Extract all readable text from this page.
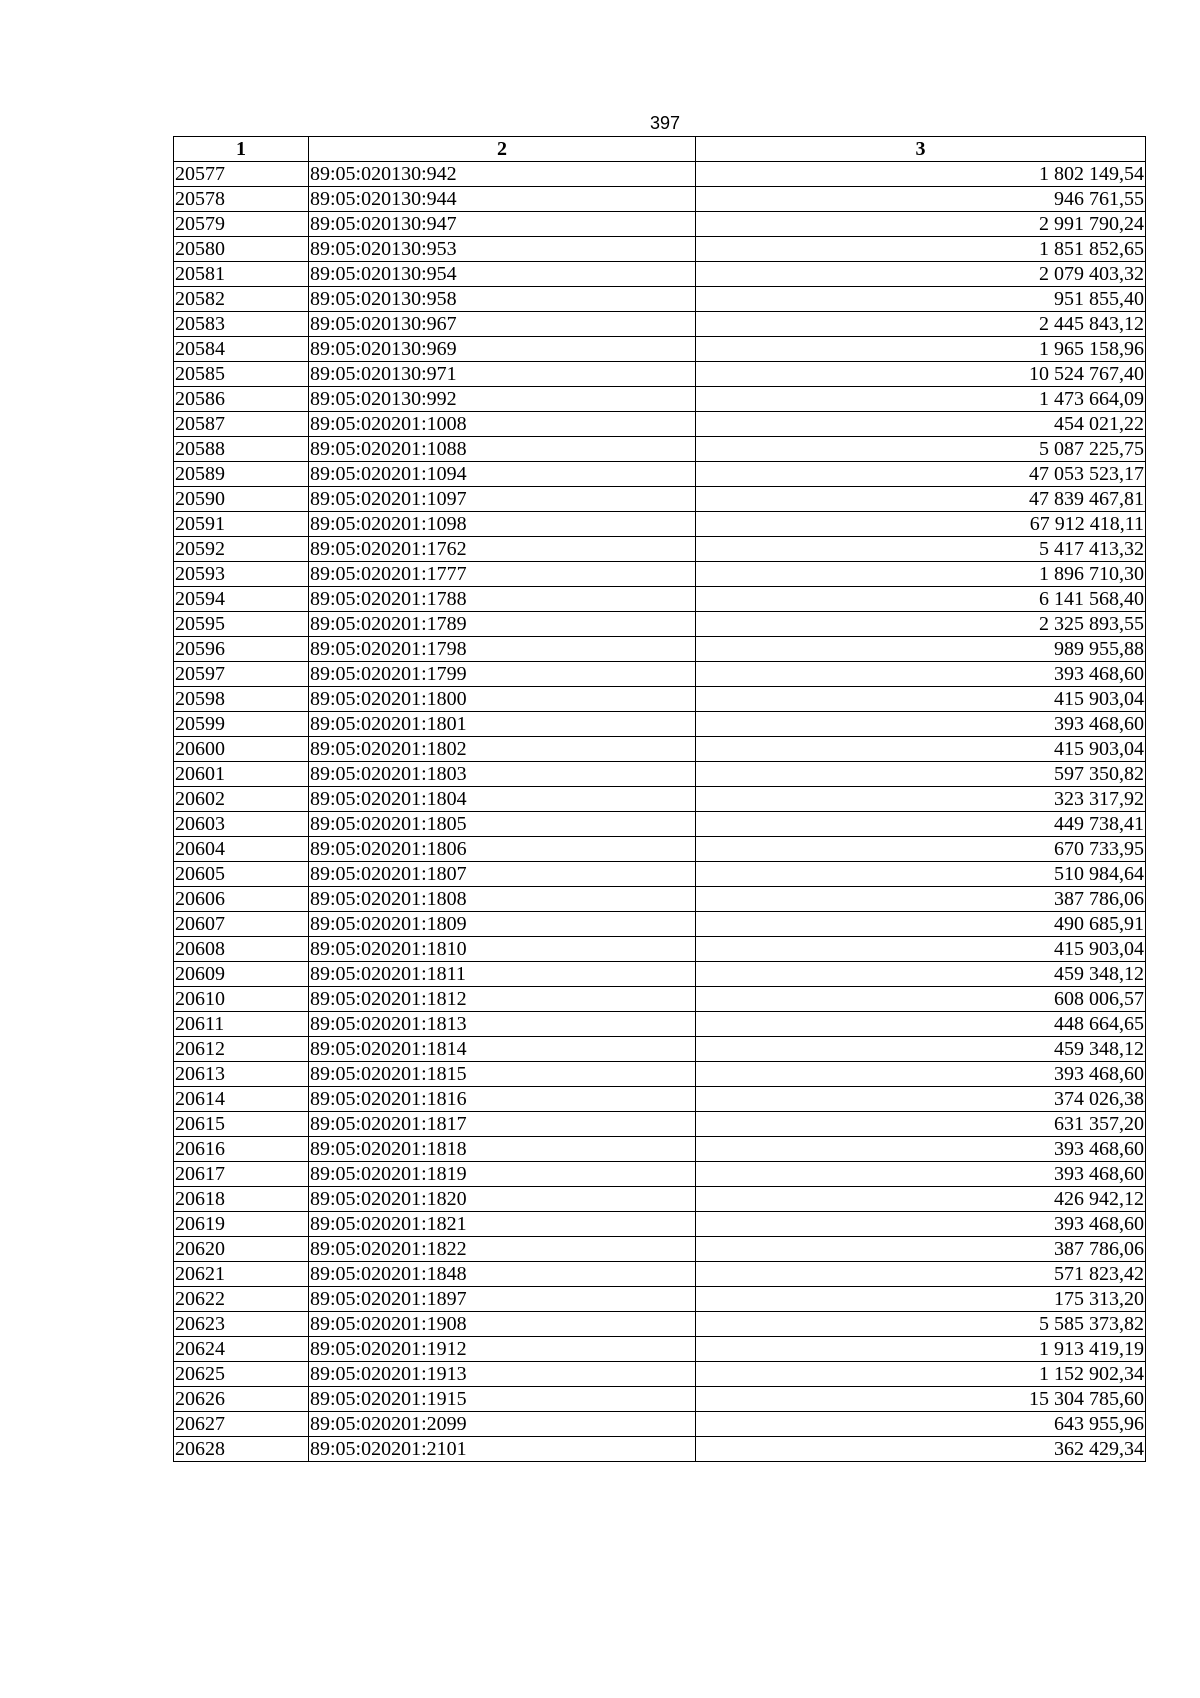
397
1	2	3
20577	89:05:020130:942	1 802 149,54
20578	89:05:020130:944	946 761,55
20579	89:05:020130:947	2 991 790,24
20580	89:05:020130:953	1 851 852,65
20581	89:05:020130:954	2 079 403,32
20582	89:05:020130:958	951 855,40
20583	89:05:020130:967	2 445 843,12
20584	89:05:020130:969	1 965 158,96
20585	89:05:020130:971	10 524 767,40
20586	89:05:020130:992	1 473 664,09
20587	89:05:020201:1008	454 021,22
20588	89:05:020201:1088	5 087 225,75
20589	89:05:020201:1094	47 053 523,17
20590	89:05:020201:1097	47 839 467,81
20591	89:05:020201:1098	67 912 418,11
20592	89:05:020201:1762	5 417 413,32
20593	89:05:020201:1777	1 896 710,30
20594	89:05:020201:1788	6 141 568,40
20595	89:05:020201:1789	2 325 893,55
20596	89:05:020201:1798	989 955,88
20597	89:05:020201:1799	393 468,60
20598	89:05:020201:1800	415 903,04
20599	89:05:020201:1801	393 468,60
20600	89:05:020201:1802	415 903,04
20601	89:05:020201:1803	597 350,82
20602	89:05:020201:1804	323 317,92
20603	89:05:020201:1805	449 738,41
20604	89:05:020201:1806	670 733,95
20605	89:05:020201:1807	510 984,64
20606	89:05:020201:1808	387 786,06
20607	89:05:020201:1809	490 685,91
20608	89:05:020201:1810	415 903,04
20609	89:05:020201:1811	459 348,12
20610	89:05:020201:1812	608 006,57
20611	89:05:020201:1813	448 664,65
20612	89:05:020201:1814	459 348,12
20613	89:05:020201:1815	393 468,60
20614	89:05:020201:1816	374 026,38
20615	89:05:020201:1817	631 357,20
20616	89:05:020201:1818	393 468,60
20617	89:05:020201:1819	393 468,60
20618	89:05:020201:1820	426 942,12
20619	89:05:020201:1821	393 468,60
20620	89:05:020201:1822	387 786,06
20621	89:05:020201:1848	571 823,42
20622	89:05:020201:1897	175 313,20
20623	89:05:020201:1908	5 585 373,82
20624	89:05:020201:1912	1 913 419,19
20625	89:05:020201:1913	1 152 902,34
20626	89:05:020201:1915	15 304 785,60
20627	89:05:020201:2099	643 955,96
20628	89:05:020201:2101	362 429,34
